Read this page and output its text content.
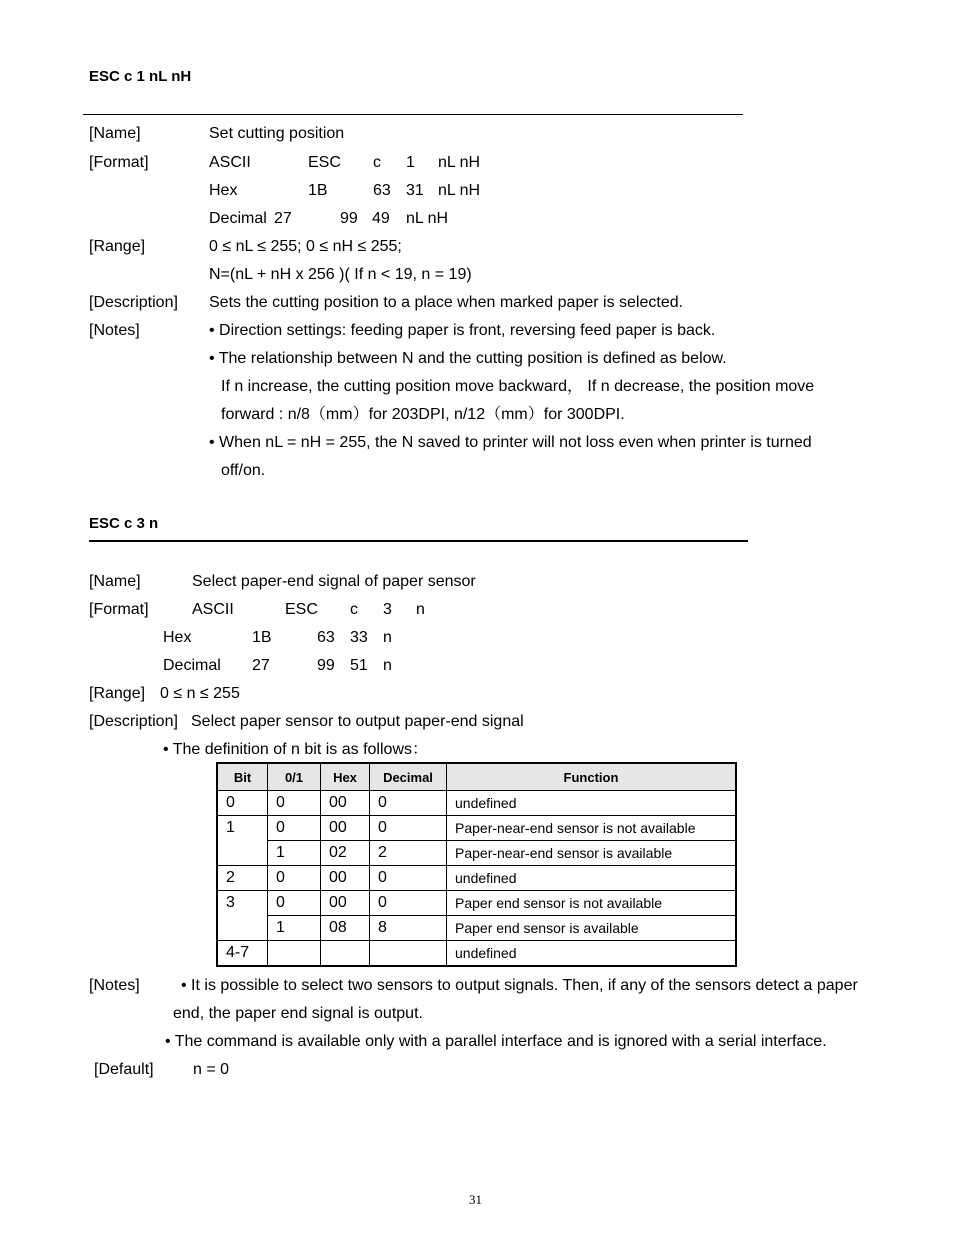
ESC c 1 nL nH
[Name]	Set cutting position
[Format]	ASCII	ESC c 1 nL nH
Hex	1B	63 31 nL nH
Decimal 27	99 49 nL nH
[Range]	0 ≤ nL ≤ 255; 0 ≤ nH ≤ 255;
N=(nL + nH x 256 )( If n < 19, n = 19)
[Description] Sets the cutting position to a place when marked paper is selected.
[Notes]	• Direction settings: feeding paper is front, reversing feed paper is back.
• The relationship between N and the cutting position is defined as below.
If n increase, the cutting position move backward， If n decrease, the position move
forward : n/8（mm）for 203DPI, n/12（mm）for 300DPI.
• When nL = nH = 255, the N saved to printer will not loss even when printer is turned
off/on.
ESC c 3 n
[Name]	Select paper-end signal of paper sensor
[Format]	ASCII	ESC c 3 n
Hex	1B	63 33 n
Decimal 27	99 51 n
[Range] 0 ≤ n ≤ 255
[Description] Select paper sensor to output paper-end signal
• The definition of n bit is as follows：
Bit	0/1	Hex	Decimal	Function
0	0	00	0	undefined
1	0	00	0	Paper-near-end sensor is not available
	1	02	2	Paper-near-end sensor is available
2	0	00	0	undefined
3	0	00	0	Paper end sensor is not available
	1	08	8	Paper end sensor is available
4-7				undefined
[Notes]	• It is possible to select two sensors to output signals. Then, if any of the sensors detect a paper
end, the paper end signal is output.
• The command is available only with a parallel interface and is ignored with a serial interface.
[Default] n = 0
31
